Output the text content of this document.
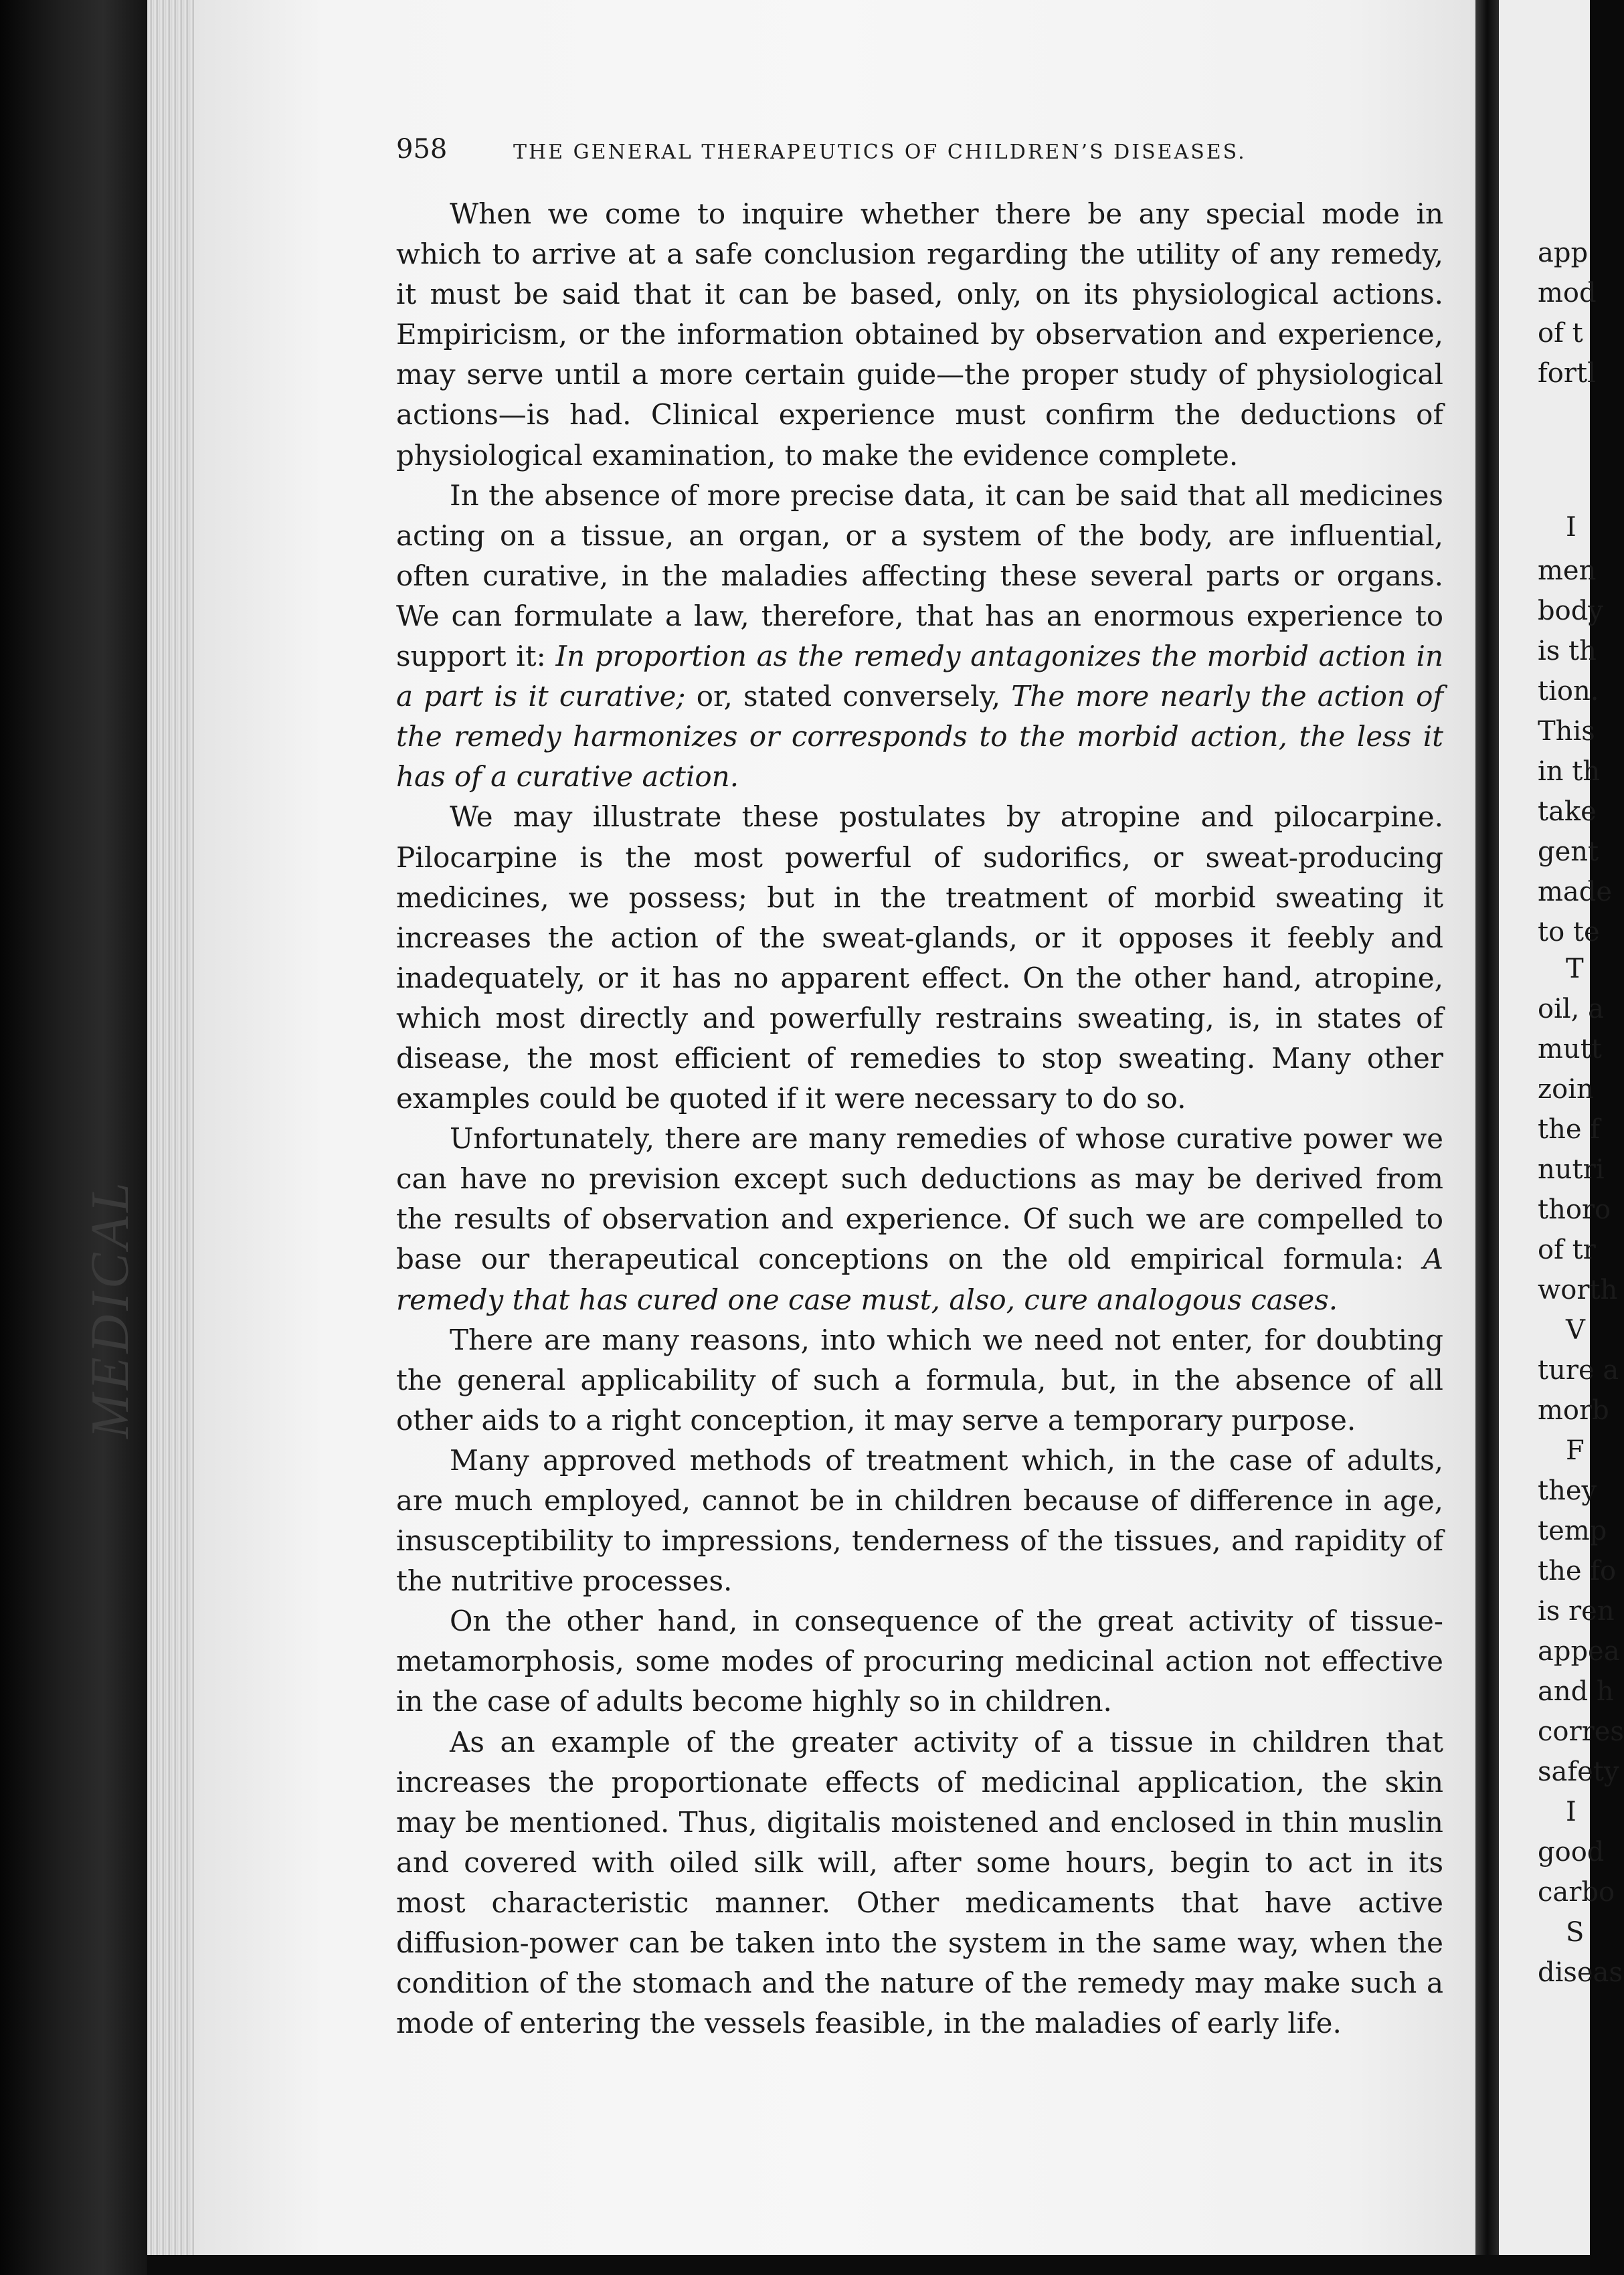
MEDICAL
958	THE GENERAL THERAPEUTICS OF CHILDREN’S DISEASES.

When we come to inquire whether there be any special mode in which to arrive at a safe conclusion regarding the utility of any remedy, it must be said that it can be based, only, on its physiological actions. Empiricism, or the information obtained by observation and experience, may serve until a more certain guide—the proper study of physiological actions—is had. Clinical experience must confirm the deductions of physiological examination, to make the evidence complete.

In the absence of more precise data, it can be said that all medicines acting on a tissue, an organ, or a system of the body, are influential, often curative, in the maladies affecting these several parts or organs. We can formulate a law, therefore, that has an enormous experience to support it: In proportion as the remedy antagonizes the morbid action in a part is it curative; or, stated conversely, The more nearly the action of the remedy harmonizes or corresponds to the morbid action, the less it has of a curative action.

We may illustrate these postulates by atropine and pilocarpine. Pilocarpine is the most powerful of sudorifics, or sweat-producing medicines, we possess; but in the treatment of morbid sweating it increases the action of the sweat-glands, or it opposes it feebly and inadequately, or it has no apparent effect. On the other hand, atropine, which most directly and powerfully restrains sweating, is, in states of disease, the most efficient of remedies to stop sweating. Many other examples could be quoted if it were necessary to do so.

Unfortunately, there are many remedies of whose curative power we can have no prevision except such deductions as may be derived from the results of observation and experience. Of such we are compelled to base our therapeutical conceptions on the old empirical formula: A remedy that has cured one case must, also, cure analogous cases.

There are many reasons, into which we need not enter, for doubting the general applicability of such a formula, but, in the absence of all other aids to a right conception, it may serve a temporary purpose.

Many approved methods of treatment which, in the case of adults, are much employed, cannot be in children because of difference in age, insusceptibility to impressions, tenderness of the tissues, and rapidity of the nutritive processes.

On the other hand, in consequence of the great activity of tissue-metamorphosis, some modes of procuring medicinal action not effective in the case of adults become highly so in children.

As an example of the greater activity of a tissue in children that increases the proportionate effects of medicinal application, the skin may be mentioned. Thus, digitalis moistened and enclosed in thin muslin and covered with oiled silk will, after some hours, begin to act in its most characteristic manner. Other medicaments that have active diffusion-power can be taken into the system in the same way, when the condition of the stomach and the nature of the remedy may make such a mode of entering the vessels feasible, in the maladies of early life.

app
mod
of t
fortl
I
men
body
is th
tion.
This
in th
take
gent
made
to te
T
oil, a
mutt
zoin
the f
nutri
thoro
of tr
worth
V
ture a
morb
F
they
temp
the fo
is ren
appea
and h
corres
safety
I
good
carbo
S
diseas
